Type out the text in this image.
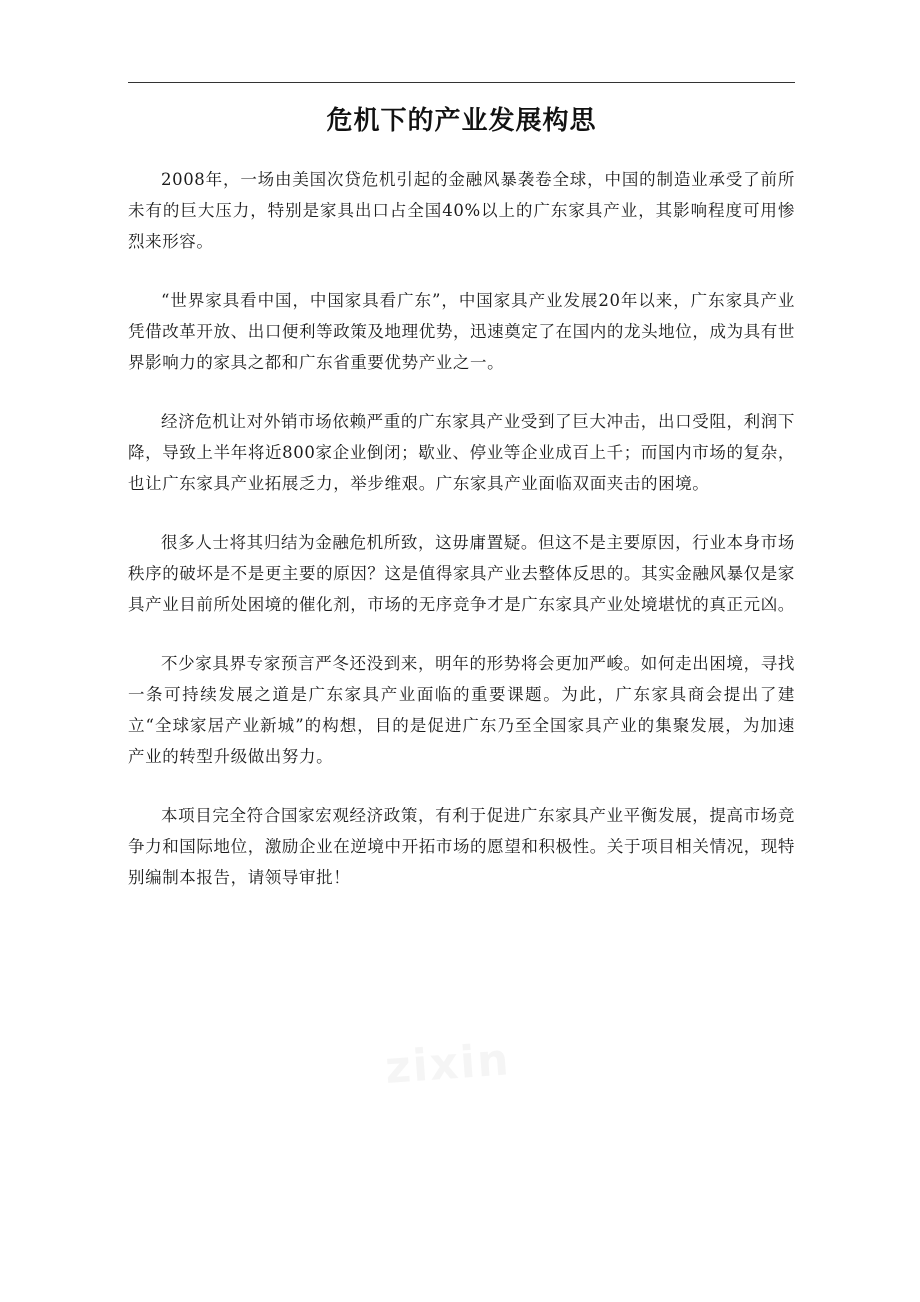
危机下的产业发展构思

2008年，一场由美国次贷危机引起的金融风暴袭卷全球，中国的制造业承受了前所未有的巨大压力，特别是家具出口占全国40%以上的广东家具产业，其影响程度可用惨烈来形容。

“世界家具看中国，中国家具看广东”，中国家具产业发展20年以来，广东家具产业凭借改革开放、出口便利等政策及地理优势，迅速奠定了在国内的龙头地位，成为具有世界影响力的家具之都和广东省重要优势产业之一。

经济危机让对外销市场依赖严重的广东家具产业受到了巨大冲击，出口受阻，利润下降，导致上半年将近800家企业倒闭；歇业、停业等企业成百上千；而国内市场的复杂，也让广东家具产业拓展乏力，举步维艰。广东家具产业面临双面夹击的困境。

很多人士将其归结为金融危机所致，这毋庸置疑。但这不是主要原因，行业本身市场秩序的破坏是不是更主要的原因？这是值得家具产业去整体反思的。其实金融风暴仅是家具产业目前所处困境的催化剂，市场的无序竞争才是广东家具产业处境堪忧的真正元凶。

不少家具界专家预言严冬还没到来，明年的形势将会更加严峻。如何走出困境，寻找一条可持续发展之道是广东家具产业面临的重要课题。为此，广东家具商会提出了建立“全球家居产业新城”的构想，目的是促进广东乃至全国家具产业的集聚发展，为加速产业的转型升级做出努力。

本项目完全符合国家宏观经济政策，有利于促进广东家具产业平衡发展，提高市场竞争力和国际地位，激励企业在逆境中开拓市场的愿望和积极性。关于项目相关情况，现特别编制本报告，请领导审批！

zixin
